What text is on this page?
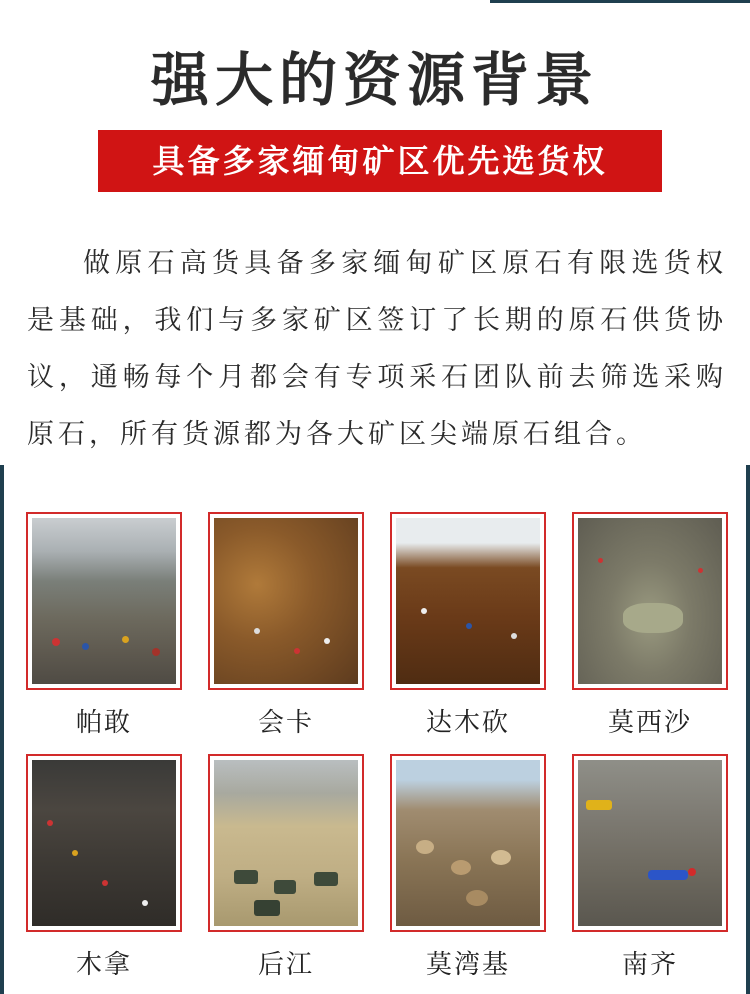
强大的资源背景
具备多家缅甸矿区优先选货权
做原石高货具备多家缅甸矿区原石有限选货权是基础，我们与多家矿区签订了长期的原石供货协议，通畅每个月都会有专项采石团队前去筛选采购原石，所有货源都为各大矿区尖端原石组合。
帕敢	会卡	达木砍	莫西沙
木拿	后江	莫湾基	南齐
